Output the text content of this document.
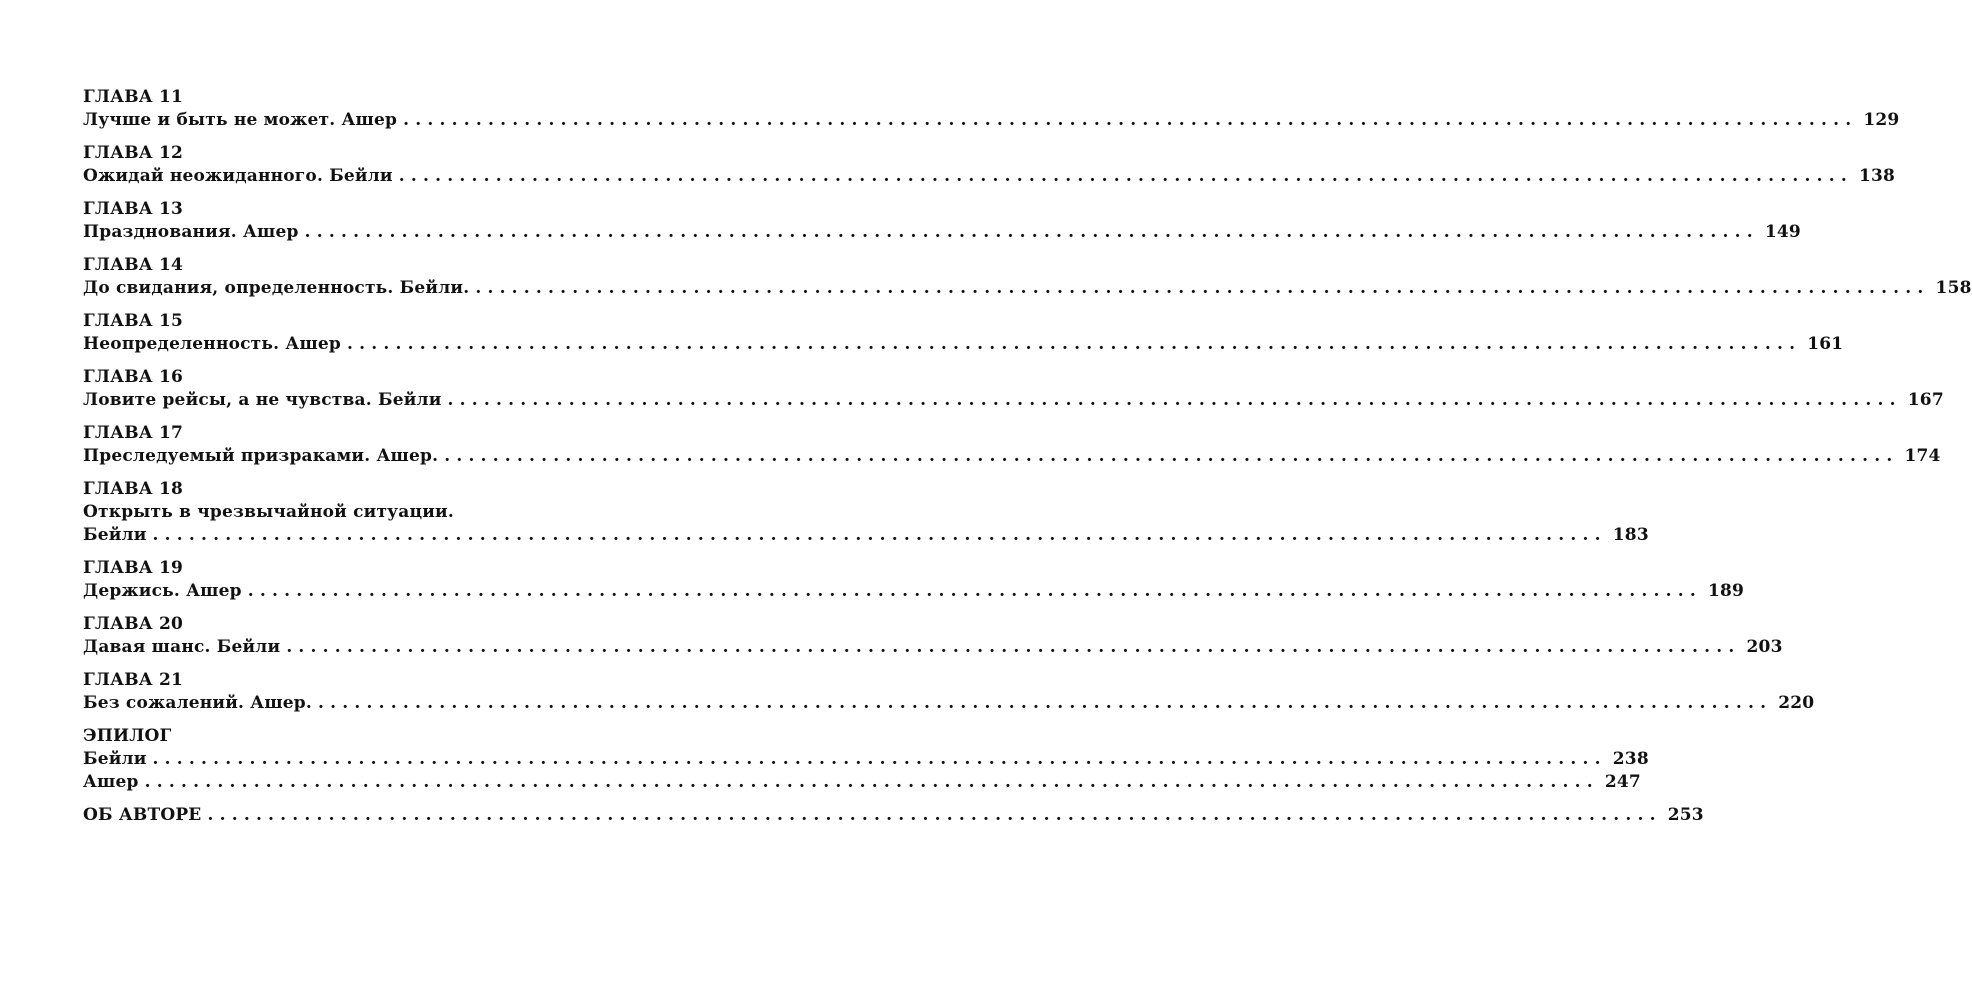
ГЛАВА 11
Лучше и быть не может. Ашер ........................................................................................................................ 129
ГЛАВА 12
Ожидай неожиданного. Бейли ........................................................................................................................ 138
ГЛАВА 13
Празднования. Ашер ........................................................................................................................ 149
ГЛАВА 14
До свидания, определенность. Бейли. ........................................................................................................................ 158
ГЛАВА 15
Неопределенность. Ашер ........................................................................................................................ 161
ГЛАВА 16
Ловите рейсы, а не чувства. Бейли ........................................................................................................................ 167
ГЛАВА 17
Преследуемый призраками. Ашер. ........................................................................................................................ 174
ГЛАВА 18
Открыть в чрезвычайной ситуации.
Бейли ........................................................................................................................ 183
ГЛАВА 19
Держись. Ашер ........................................................................................................................ 189
ГЛАВА 20
Давая шанс. Бейли ........................................................................................................................ 203
ГЛАВА 21
Без сожалений. Ашер. ........................................................................................................................ 220
ЭПИЛОГ
Бейли ........................................................................................................................ 238
Ашер ........................................................................................................................ 247
ОБ АВТОРЕ ........................................................................................................................ 253
